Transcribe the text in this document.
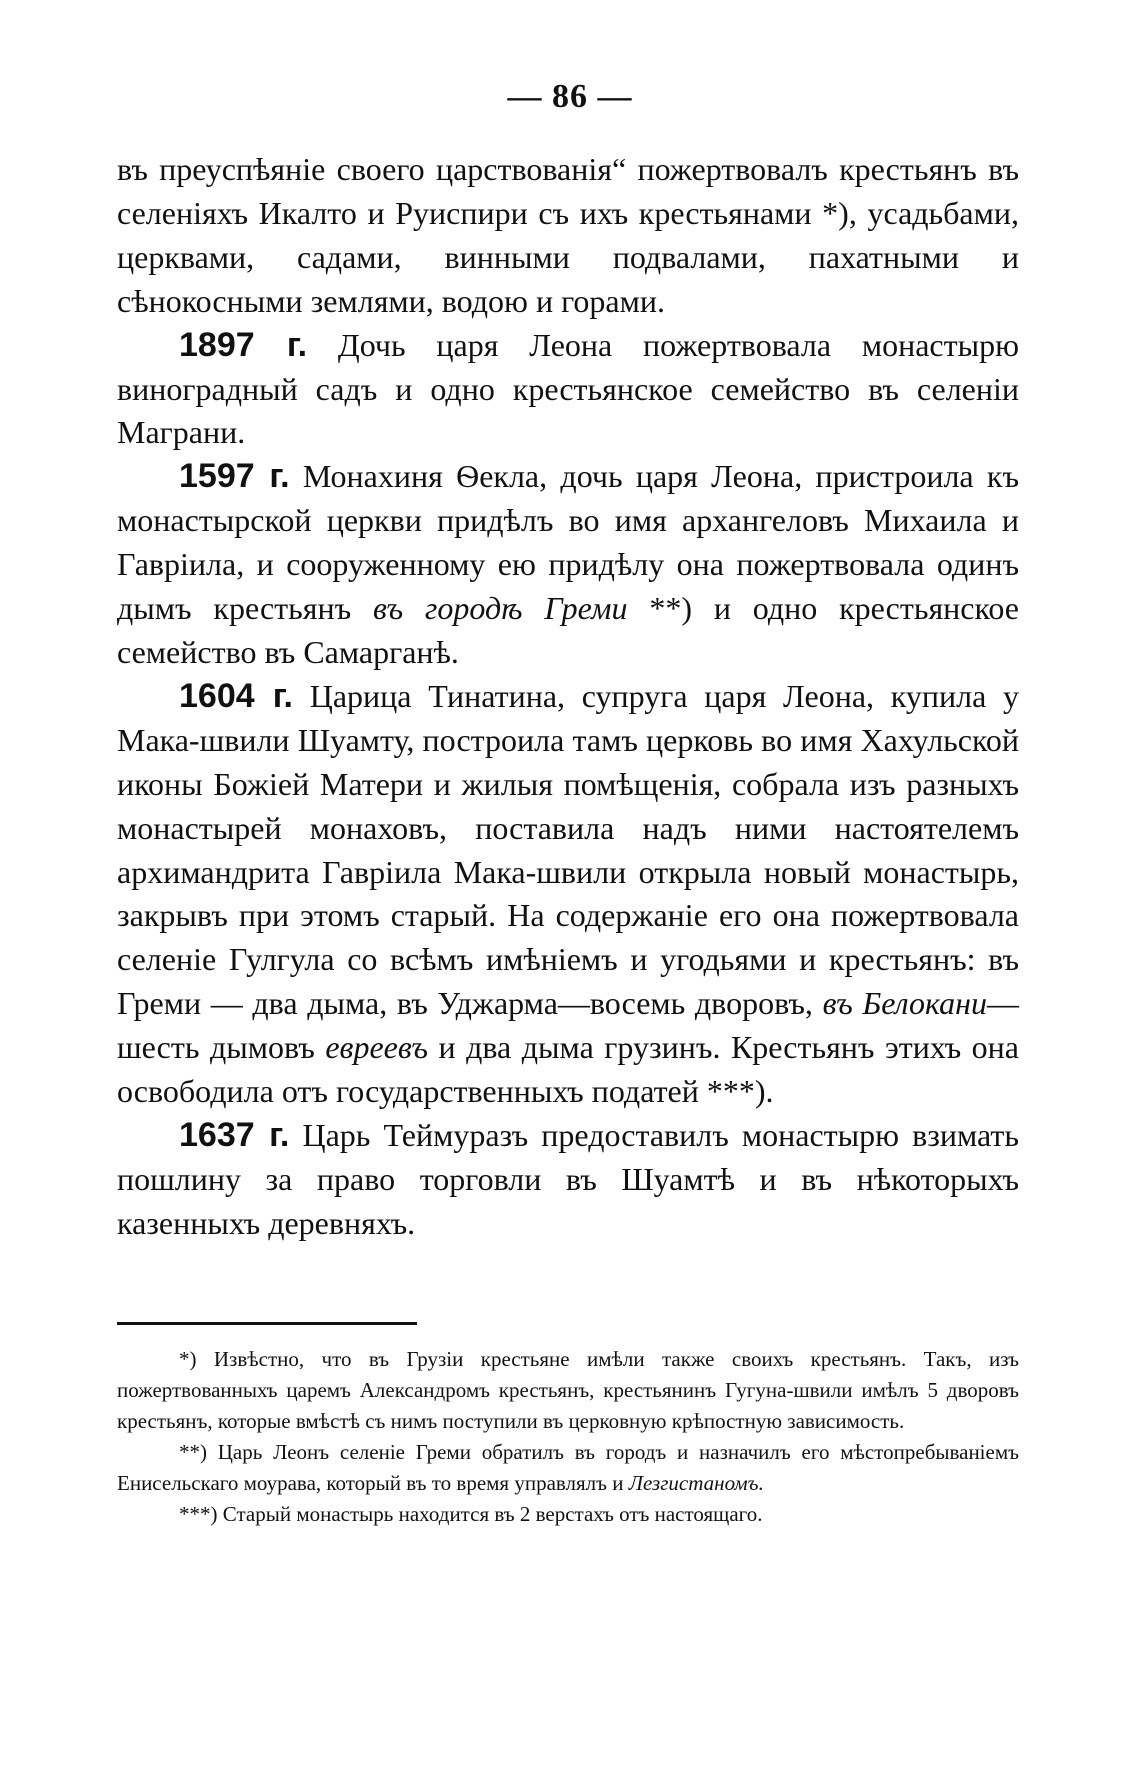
— 86 —

въ преуспѣяніе своего царствованія“ пожертвовалъ крестьянъ въ селеніяхъ Икалто и Руиспири съ ихъ крестьянами *), усадьбами, церквами, садами, винными подвалами, пахатными и сѣнокосными землями, водою и горами.

1897 г. Дочь царя Леона пожертвовала монастырю виноградный садъ и одно крестьянское семейство въ селеніи Маграни.

1597 г. Монахиня Ѳекла, дочь царя Леона, пристроила къ монастырской церкви придѣлъ во имя архангеловъ Михаила и Гавріила, и сооруженному ею придѣлу она пожертвовала одинъ дымъ крестьянъ въ городѣ Греми **) и одно крестьянское семейство въ Самарганѣ.

1604 г. Царица Тинатина, супруга царя Леона, купила у Мака-швили Шуамту, построила тамъ церковь во имя Хахульской иконы Божіей Матери и жилыя помѣщенія, собрала изъ разныхъ монастырей монаховъ, поставила надъ ними настоятелемъ архимандрита Гавріила Мака-швили открыла новый монастырь, закрывъ при этомъ старый. На содержаніе его она пожертвовала селеніе Гулгула со всѣмъ имѣніемъ и угодьями и крестьянъ: въ Греми — два дыма, въ Уджарма—восемь дворовъ, въ Белокани—шесть дымовъ евреевъ и два дыма грузинъ. Крестьянъ этихъ она освободила отъ государственныхъ податей ***).

1637 г. Царь Теймуразъ предоставилъ монастырю взимать пошлину за право торговли въ Шуамтѣ и въ нѣкоторыхъ казенныхъ деревняхъ.

*) Извѣстно, что въ Грузіи крестьяне имѣли также своихъ крестьянъ. Такъ, изъ пожертвованныхъ царемъ Александромъ крестьянъ, крестьянинъ Гугуна-швили имѣлъ 5 дворовъ крестьянъ, которые вмѣстѣ съ нимъ поступили въ церковную крѣпостную зависимость.

**) Царь Леонъ селеніе Греми обратилъ въ городъ и назначилъ его мѣстопребываніемъ Енисельскаго моурава, который въ то время управлялъ и Лезгистаномъ.

***) Старый монастырь находится въ 2 верстахъ отъ настоящаго.
